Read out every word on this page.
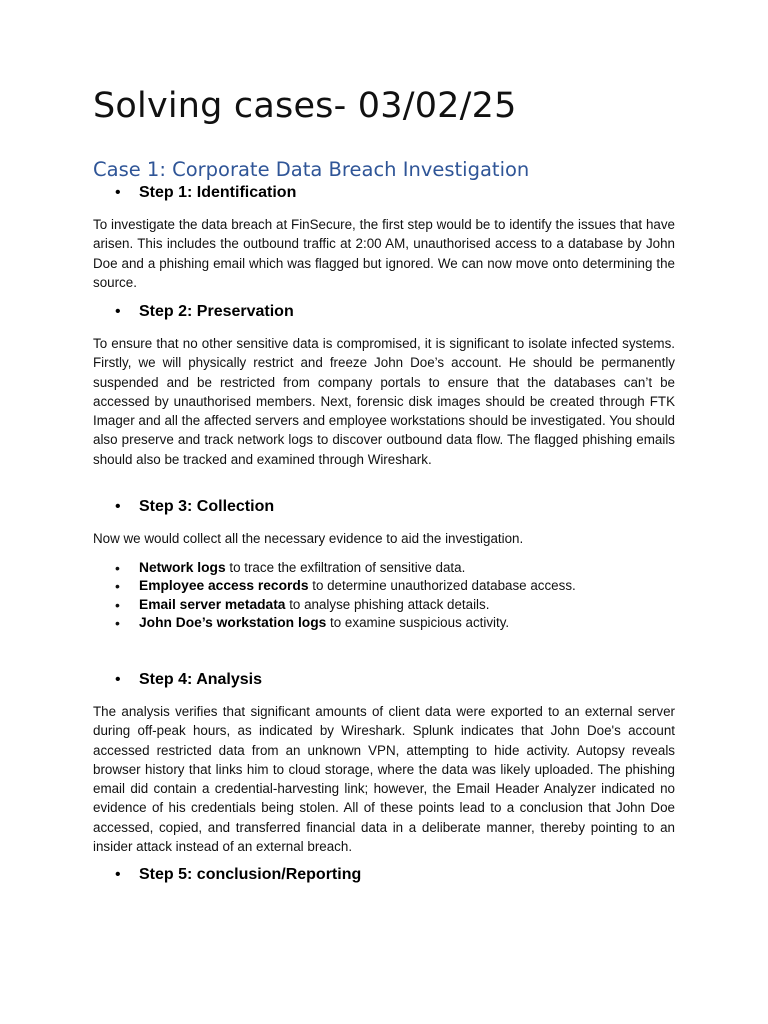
Solving cases- 03/02/25
Case 1: Corporate Data Breach Investigation
• Step 1: Identification

To investigate the data breach at FinSecure, the first step would be to identify the issues that have arisen. This includes the outbound traffic at 2:00 AM, unauthorised access to a database by John Doe and a phishing email which was flagged but ignored. We can now move onto determining the source.

• Step 2: Preservation

To ensure that no other sensitive data is compromised, it is significant to isolate infected systems. Firstly, we will physically restrict and freeze John Doe’s account. He should be permanently suspended and be restricted from company portals to ensure that the databases can’t be accessed by unauthorised members. Next, forensic disk images should be created through FTK Imager and all the affected servers and employee workstations should be investigated. You should also preserve and track network logs to discover outbound data flow. The flagged phishing emails should also be tracked and examined through Wireshark.

• Step 3: Collection

Now we would collect all the necessary evidence to aid the investigation.

• Network logs to trace the exfiltration of sensitive data.
• Employee access records to determine unauthorized database access.
• Email server metadata to analyse phishing attack details.
• John Doe’s workstation logs to examine suspicious activity.
• Step 4: Analysis

The analysis verifies that significant amounts of client data were exported to an external server during off-peak hours, as indicated by Wireshark. Splunk indicates that John Doe's account accessed restricted data from an unknown VPN, attempting to hide activity. Autopsy reveals browser history that links him to cloud storage, where the data was likely uploaded. The phishing email did contain a credential-harvesting link; however, the Email Header Analyzer indicated no evidence of his credentials being stolen. All of these points lead to a conclusion that John Doe accessed, copied, and transferred financial data in a deliberate manner, thereby pointing to an insider attack instead of an external breach.

• Step 5: conclusion/Reporting
